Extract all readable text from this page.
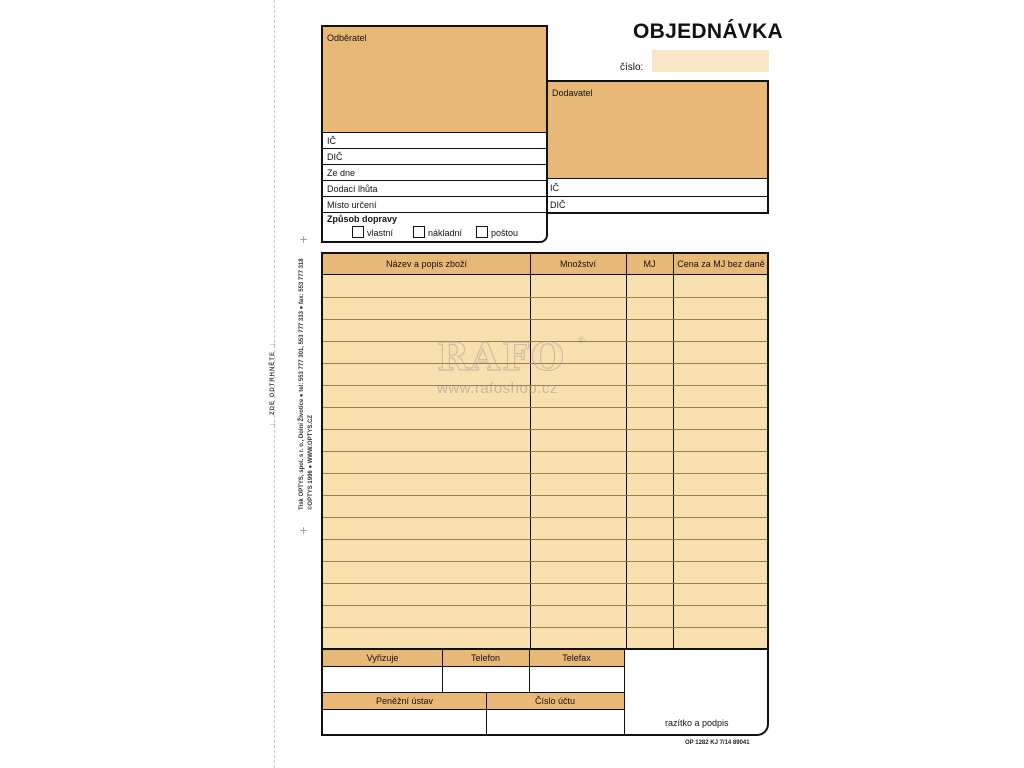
+
+
→
→
ZDE ODTRHNĚTE	Tisk OPTYS, spol. s r. o., Dolní Životice ● tel: 553 777 301, 553 777 333 ● fax: 553 777 318 ©OPTYS 1996 ● WWW.OPTYS.CZ
OBJEDNÁVKA
číslo:
Odběratel
IČ
DIČ
Ze dne
Dodací lhůta
Místo určení
Způsob dopravy
vlastní	nákladní	poštou
Dodavatel
IČ
DIČ
Název a popis zboží	Množství	MJ	Cena za MJ bez daně
RAFO ®
www.rafoshop.cz
Vyřizuje	Telefon	Telefax
Peněžní ústav	Číslo účtu
razítko a podpis
OP 1282 KJ 7/14 89041
